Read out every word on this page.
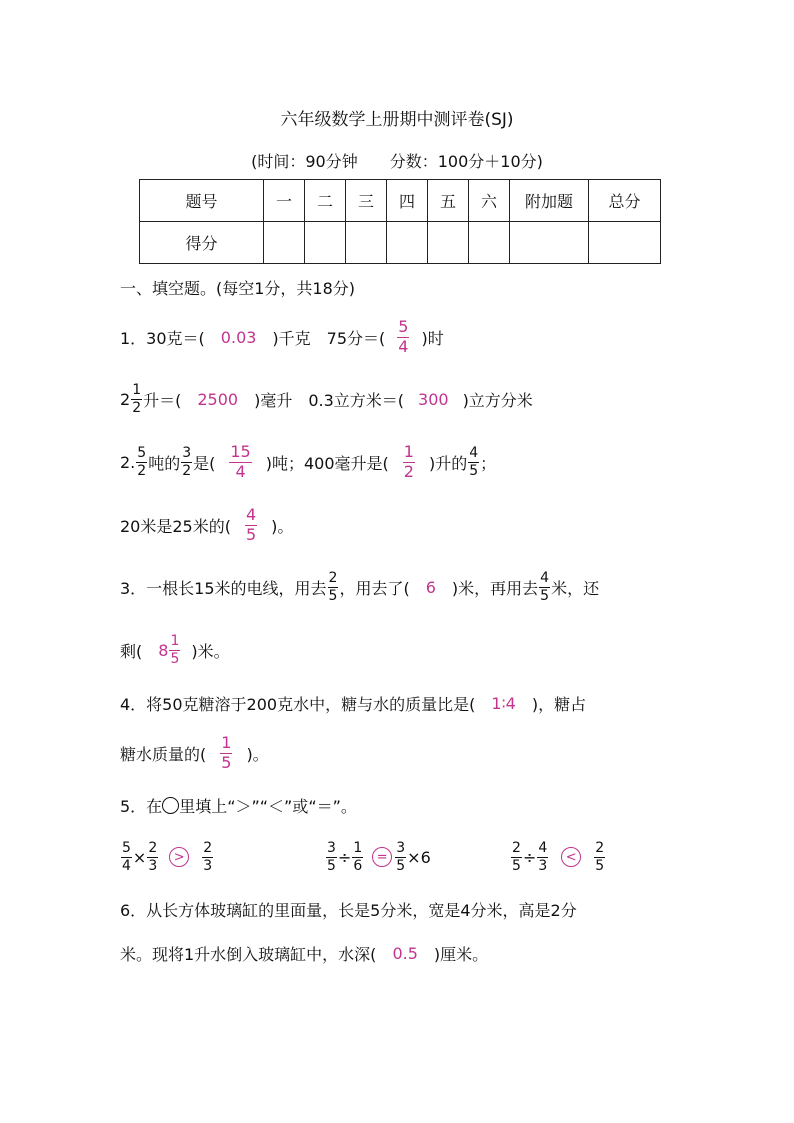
六年级数学上册期中测评卷(SJ)
(时间：90分钟　　分数：100分＋10分)
题号	一	二	三	四	五	六	附加题	总分
得分								
一、填空题。(每空1分，共18分)
1．30克＝( 0.03 )千克　75分＝( $\frac{5}{4}$ )时
$2 \frac{1}{2}$ 升＝( 2500 )毫升　0.3立方米＝( 300 )立方分米
2. $\frac{5}{2}$ 吨的 $\frac{3}{2}$ 是( $\frac{15}{4}$ )吨；400毫升是( $\frac{1}{2}$ )升的 $\frac{4}{5}$ ；
20米是25米的( $\frac{4}{5}$ )。
3．一根长15米的电线，用去 $\frac{2}{5}$ ，用去了( 6 )米，再用去 $\frac{4}{5}$ 米，还
剩( $8 \frac{1}{5}$ )米。
4．将50克糖溶于200克水中，糖与水的质量比是( 1∶4 )，糖占
糖水质量的( $\frac{1}{5}$ )。
5．在 里填上“＞”“＜”或“＝”。
$\frac{5}{4} \times \frac{2}{3}$	>	$\frac{2}{3}$	$\frac{3}{5} \div \frac{1}{6}$	= $\frac{3}{5} \times 6$	$\frac{2}{5} \div \frac{4}{3}$	<	$\frac{2}{5}$
6．从长方体玻璃缸的里面量，长是5分米，宽是4分米，高是2分
米。现将1升水倒入玻璃缸中，水深( 0.5 )厘米。
